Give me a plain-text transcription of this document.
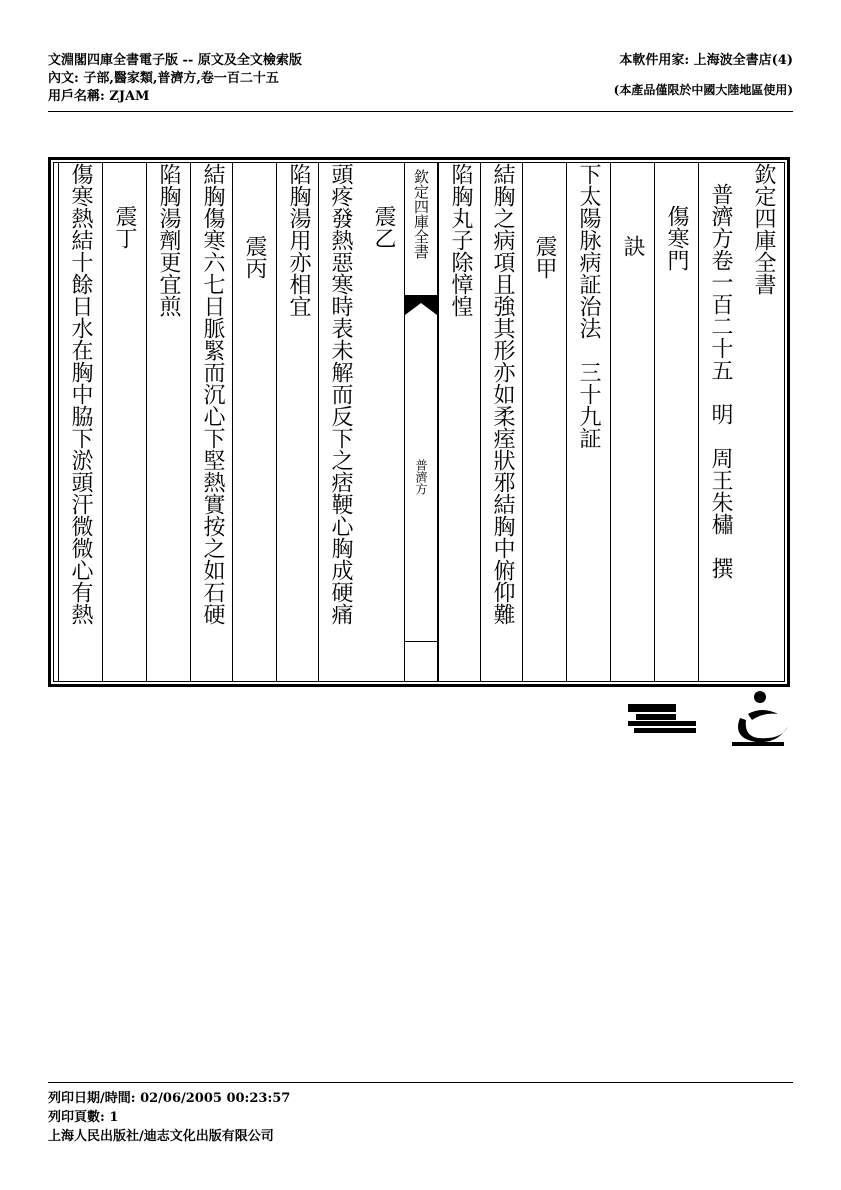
文淵閣四庫全書電子版 -- 原文及全文檢索版
內文: 子部,醫家類,普濟方,卷一百二十五
用戶名稱: ZJAM
本軟件用家: 上海波全書店(4)
(本產品僅限於中國大陸地區使用)
欽定四庫全書
普濟方卷一百二十五　明　周王朱橚　撰
傷寒門
訣
下太陽脉病証治法　三十九証
震甲
結胸之病項且強其形亦如柔痓狀邪結胸中俯仰難
陷胸丸子除慞惶
欽定四庫全書
普濟方
震乙
頭疼發熱惡寒時表未解而反下之痞鞕心胸成硬痛
陷胸湯用亦相宜
震丙
結胸傷寒六七日脈緊而沉心下堅熱實按之如石硬
陷胸湯劑更宜煎
震丁
傷寒熱結十餘日水在胸中脇下淤頭汗微微心有熱
列印日期/時間: 02/06/2005 00:23:57
列印頁數: 1
上海人民出版社/迪志文化出版有限公司
